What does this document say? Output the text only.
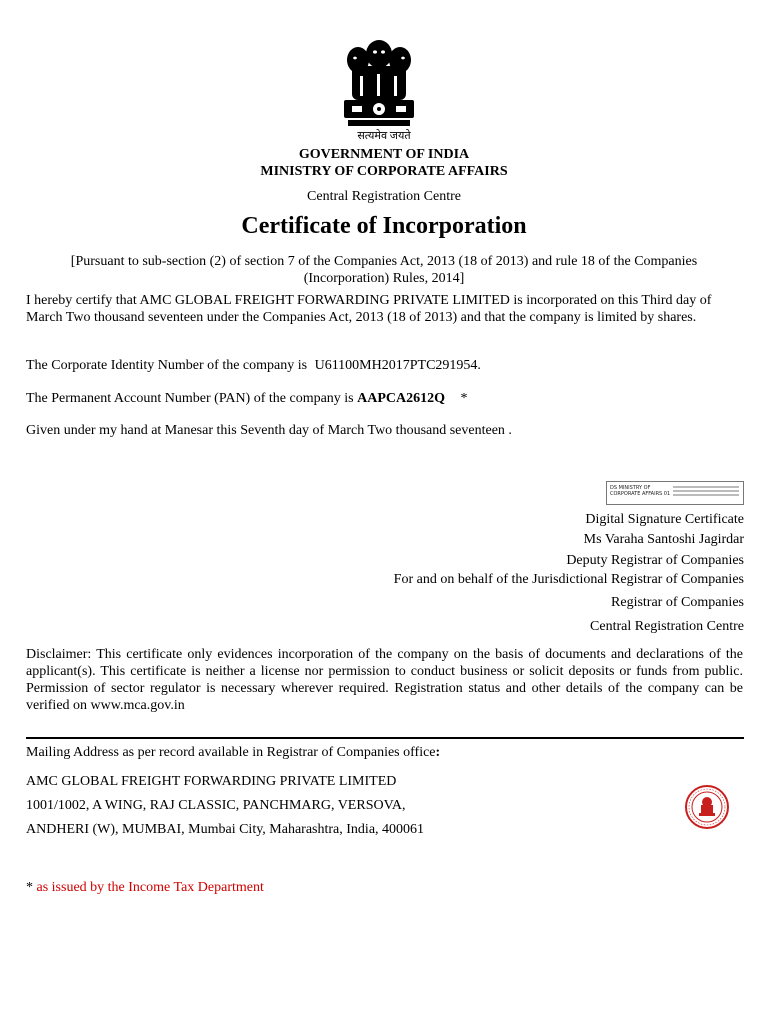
सत्यमेव जयते
GOVERNMENT OF INDIA
MINISTRY OF CORPORATE AFFAIRS
Central Registration Centre
Certificate of Incorporation
[Pursuant to sub-section (2) of section 7 of the Companies Act, 2013 (18 of 2013) and rule 18 of the Companies (Incorporation) Rules, 2014]
I hereby certify that AMC GLOBAL FREIGHT FORWARDING PRIVATE LIMITED is incorporated on this Third day of March Two thousand seventeen under the Companies Act, 2013 (18 of 2013) and that the company is limited by shares.
The Corporate Identity Number of the company is U61100MH2017PTC291954.
The Permanent Account Number (PAN) of the company is AAPCA2612Q *
Given under my hand at Manesar this Seventh day of March Two thousand seventeen .
DS MINISTRY OF
CORPORATE AFFAIRS 01
Digital Signature Certificate
Ms Varaha Santoshi Jagirdar
Deputy Registrar of Companies
For and on behalf of the Jurisdictional Registrar of Companies
Registrar of Companies
Central Registration Centre
Disclaimer: This certificate only evidences incorporation of the company on the basis of documents and declarations of the applicant(s). This certificate is neither a license nor permission to conduct business or solicit deposits or funds from public. Permission of sector regulator is necessary wherever required. Registration status and other details of the company can be verified on www.mca.gov.in
Mailing Address as per record available in Registrar of Companies office:
AMC GLOBAL FREIGHT FORWARDING PRIVATE LIMITED
1001/1002, A WING, RAJ CLASSIC, PANCHMARG, VERSOVA,
ANDHERI (W), MUMBAI, Mumbai City, Maharashtra, India, 400061
* as issued by the Income Tax Department
